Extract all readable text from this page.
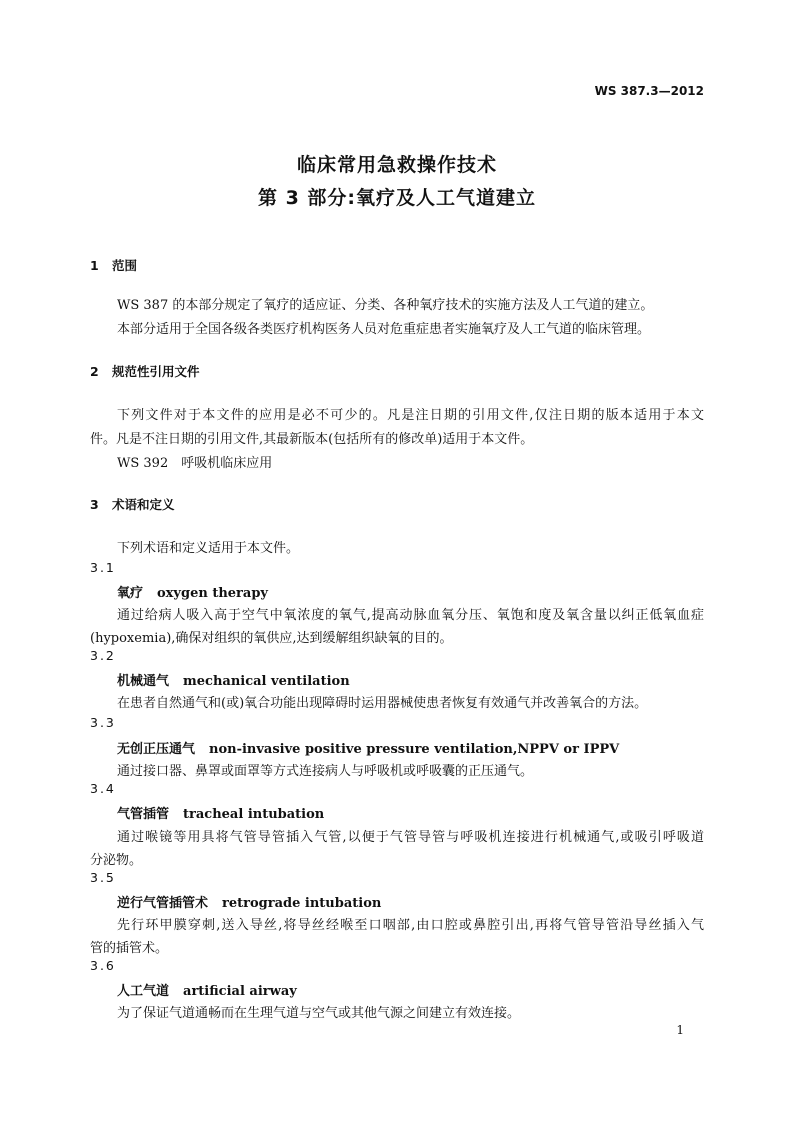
WS 387.3—2012
临床常用急救操作技术
第 3 部分:氧疗及人工气道建立
1 范围
WS 387 的本部分规定了氧疗的适应证、分类、各种氧疗技术的实施方法及人工气道的建立。
本部分适用于全国各级各类医疗机构医务人员对危重症患者实施氧疗及人工气道的临床管理。
2 规范性引用文件
下列文件对于本文件的应用是必不可少的。凡是注日期的引用文件,仅注日期的版本适用于本文
件。凡是不注日期的引用文件,其最新版本(包括所有的修改单)适用于本文件。
WS 392　呼吸机临床应用
3 术语和定义
下列术语和定义适用于本文件。
3.1
氧疗 oxygen therapy
通过给病人吸入高于空气中氧浓度的氧气,提高动脉血氧分压、氧饱和度及氧含量以纠正低氧血症
(hypoxemia),确保对组织的氧供应,达到缓解组织缺氧的目的。
3.2
机械通气 mechanical ventilation
在患者自然通气和(或)氧合功能出现障碍时运用器械使患者恢复有效通气并改善氧合的方法。
3.3
无创正压通气 non-invasive positive pressure ventilation,NPPV or IPPV
通过接口器、鼻罩或面罩等方式连接病人与呼吸机或呼吸囊的正压通气。
3.4
气管插管 tracheal intubation
通过喉镜等用具将气管导管插入气管,以便于气管导管与呼吸机连接进行机械通气,或吸引呼吸道
分泌物。
3.5
逆行气管插管术 retrograde intubation
先行环甲膜穿刺,送入导丝,将导丝经喉至口咽部,由口腔或鼻腔引出,再将气管导管沿导丝插入气
管的插管术。
3.6
人工气道 artificial airway
为了保证气道通畅而在生理气道与空气或其他气源之间建立有效连接。
1
